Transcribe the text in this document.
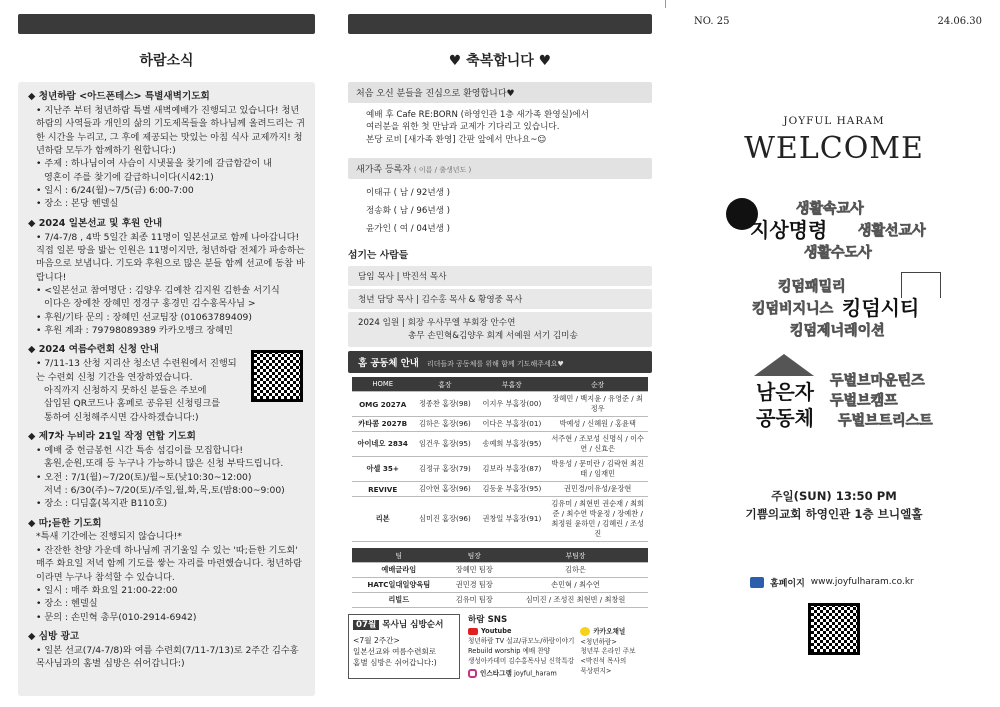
하람소식
◆ 청년하람 <아드폰테스> 특별새벽기도회
• 지난주 부터 청년하람 특별 새벽예배가 진행되고 있습니다! 청년하람의 사역들과 개인의 삶의 기도제목들을 하나님께 올려드리는 귀한 시간을 누리고, 그 후에 제공되는 맛있는 아침 식사 교제까지! 청년하람 모두가 함께하기 원합니다:)
• 주제 : 하나님이여 사슴이 시냇물을 찾기에 갈급함같이 내
영혼이 주를 찾기에 갈급하니이다(시42:1)
• 일시 : 6/24(월)~7/5(금) 6:00-7:00
• 장소 : 본당 헨델실
◆ 2024 일본선교 및 후원 안내
• 7/4-7/8 , 4박 5일간 최종 11명이 일본선교로 함께 나아갑니다! 직접 일본 땅을 밟는 인원은 11명이지만, 청년하람 전체가 파송하는 마음으로 보냅니다. 기도와 후원으로 많은 분들 함께 선교에 동참 바랍니다!
• <일본선교 참여명단 : 김양우 김예찬 김지원 김한솔 서기식
이다은 장예찬 장혜민 정경구 홍경민 김수홍목사님 >
• 후원/기타 문의 : 장혜민 선교팀장 (01063789409)
• 후원 계좌 : 79798089389 카카오뱅크 장혜민
◆ 2024 여름수련회 신청 안내
• 7/11-13 산청 지리산 청소년 수련원에서 진행되는 수련회 신청 기간을 연장하였습니다.
아직까지 신청하지 못하신 분들은 주보에
삽입된 QR코드나 홈페로 공유된 신청링크를
통하여 신청해주시면 감사하겠습니다:)
◆ 제7차 누비라 21일 작정 연합 기도회
• 예배 중 헌금봉헌 시간 특송 섬김이를 모집합니다!
홈원,순원,또래 등 누구나 가능하니 많은 신청 부탁드립니다.
• 오전 : 7/1(월)~7/20(토)/월~토(낮10:30~12:00)
저녁 : 6/30(주)~7/20(토)/주일,월,화,목,토(밤8:00~9:00)
• 장소 : 디딤홀(복지관 B110호)
◆ 따;듣한 기도회
*특새 기간에는 진행되지 않습니다!*
• 잔잔한 찬양 가운데 하나님께 귀기울일 수 있는 '따;듣한 기도회' 매주 화요일 저녁 함께 기도를 쌓는 자리를 마련했습니다. 청년하람이라면 누구나 참석할 수 있습니다.
• 일시 : 매주 화요일 21:00-22:00
• 장소 : 헨델실
• 문의 : 손민혁 총무(010-2914-6942)
◆ 심방 광고
• 일본 선교(7/4-7/8)와 여름 수련회(7/11-7/13)로 2주간 김수홍 목사님과의 홈별 심방은 쉬어갑니다:)
♥ 축복합니다 ♥
처음 오신 분들을 진심으로 환영합니다♥
예배 후 Cafe RE:BORN (하영인관 1층 새가족 환영실)에서
여러분을 위한 첫 만남과 교제가 기다리고 있습니다.
본당 로비 [새가족 환영] 간판 앞에서 만나요~☺
새가족 등록자 ( 이름 / 출생년도 )
이태규 ( 남 / 92년생 )
정송화 ( 남 / 96년생 )
윤가인 ( 여 / 04년생 )
섬기는 사람들
담임 목사 | 박진석 목사
청년 담당 목사 | 김수홍 목사 & 황영중 목사
2024 임원 | 회장 우사무엘 부회장 안수연
총무 손민혁&김양우 회계 서예원 서기 김미송
홈 공동체 안내 리더들과 공동체를 위해 함께 기도해주세요♥
HOME	홈장	부홈장	순장
OMG 2027A	정종찬 홈장(98)	이지우 부홈장(00)	장혜민 / 백지윤 / 유영준 / 최정우
카타콤 2027B	김하은 홈장(96)	이다은 부홈장(01)	박예성 / 신혜원 / 홍윤택
아이네오 2834	임건우 홈장(95)	송예희 부홈장(95)	서주현 / 조보성 신명식 / 이수연 / 신효은
아셀 35+	김정규 홈장(79)	김보라 부홈장(87)	박용성 / 문미란 / 김락현 최진태 / 임재민
REVIVE	김아현 홈장(96)	김동윤 부홈장(95)	권민경/이유성/윤장현
리본	심미진 홈장(96)	권창일 부홈장(91)	김유미 / 최현빈 권순재 / 최희준 / 최수연 박윤정 / 장예찬 / 최정원 윤하민 / 김혜린 / 조성진
팀	팀장	부팀장
예배글라임	장혜민 팀장	김하은
HATC일대일양육팀	권민경 팀장	손민혁 / 최수연
리빌드	김유미 팀장	심미진 / 조성진 최현빈 / 최창원
07월 목사님 심방순서
<7월 2주간>
일본선교와 여름수련회로
홈별 심방은 쉬어갑니다:)
하람 SNS
Youtube
청년하람 TV 설교/큐모노/하람이야기
Rebuild worship 예배 찬양
생성아카데미 김수홍목사님 신학특강
인스타그램 joyful_haram
카카오채널
<청년하람>
청년부 온라인 주보
<박진석 목사의
묵상편지>
NO. 25	24.06.30
JOYFUL HARAM
WELCOME
생활속교사
지상명령 생활선교사
생활수도사
킹덤패밀리
킹덤비지니스 킹덤시티
킹덤제너레이션
남은자
공동체
두벌브마운틴즈
두벌브캠프
두벌브트리스트
주일(SUN) 13:50 PM
기쁨의교회 하영인관 1층 브니엘홀
홈페이지 www.joyfulharam.co.kr
